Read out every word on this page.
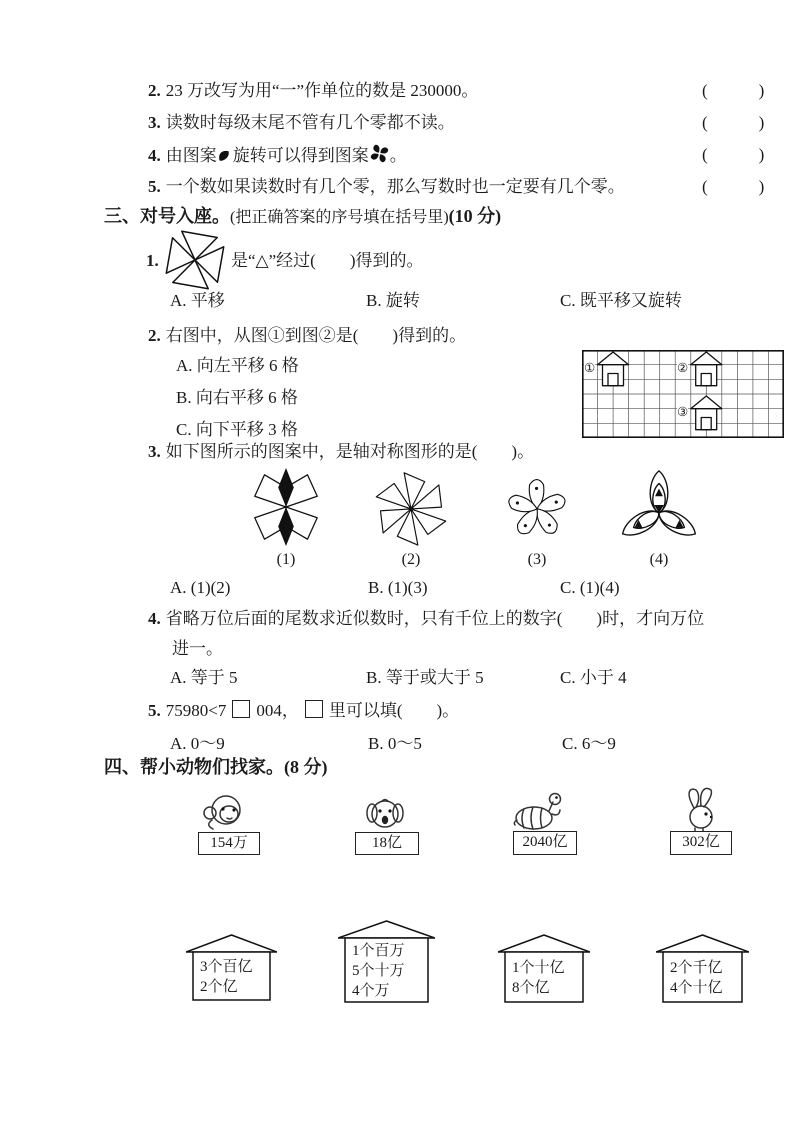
2. 23 万改写为用“一”作单位的数是 230000。	(　　　)
3. 读数时每级末尾不管有几个零都不读。	(　　　)
4. 由图案 旋转可以得到图案 。	(　　　)
5. 一个数如果读数时有几个零，那么写数时也一定要有几个零。	(　　　)
三、对号入座。(把正确答案的序号填在括号里)(10 分)
1.	是“△”经过(　　)得到的。
A. 平移	B. 旋转	C. 既平移又旋转
2. 右图中，从图①到图②是(　　)得到的。
A. 向左平移 6 格
B. 向右平移 6 格
C. 向下平移 3 格
①	②
③
3. 如下图所示的图案中，是轴对称图形的是(　　)。
(1)	(2)	(3)	(4)
A. (1)(2)	B. (1)(3)	C. (1)(4)
4. 省略万位后面的尾数求近似数时，只有千位上的数字(　　)时，才向万位
进一。
A. 等于 5	B. 等于或大于 5	C. 小于 4
5. 75980<7 004， 里可以填(　　)。
A. 0～9	B. 0～5	C. 6～9
四、帮小动物们找家。(8 分)
154万	18亿	2040亿	302亿
3个百亿
2个亿
1个百万
5个十万
4个万
1个十亿
8个亿
2个千亿
4个十亿
